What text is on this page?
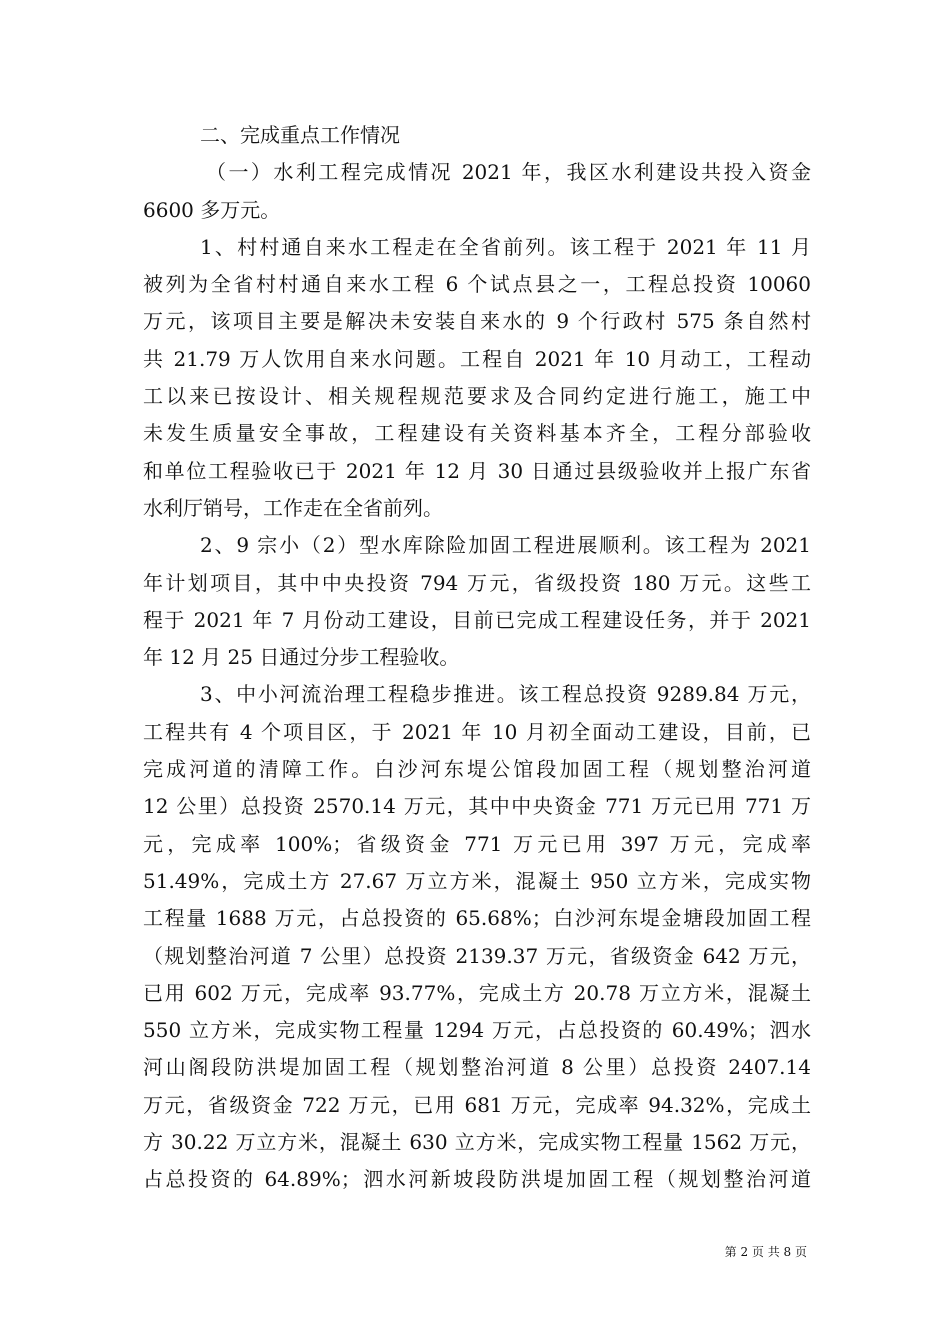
二、完成重点工作情况
（一）水利工程完成情况 2021 年，我区水利建设共投入资金
6600 多万元。
1、村村通自来水工程走在全省前列。该工程于 2021 年 11 月
被列为全省村村通自来水工程 6 个试点县之一，工程总投资 10060
万元，该项目主要是解决未安装自来水的 9 个行政村 575 条自然村
共 21.79 万人饮用自来水问题。工程自 2021 年 10 月动工，工程动
工以来已按设计、相关规程规范要求及合同约定进行施工，施工中
未发生质量安全事故，工程建设有关资料基本齐全，工程分部验收
和单位工程验收已于 2021 年 12 月 30 日通过县级验收并上报广东省
水利厅销号，工作走在全省前列。
2、9 宗小（2）型水库除险加固工程进展顺利。该工程为 2021
年计划项目，其中中央投资 794 万元，省级投资 180 万元。这些工
程于 2021 年 7 月份动工建设，目前已完成工程建设任务，并于 2021
年 12 月 25 日通过分步工程验收。
3、中小河流治理工程稳步推进。该工程总投资 9289.84 万元，
工程共有 4 个项目区，于 2021 年 10 月初全面动工建设，目前，已
完成河道的清障工作。白沙河东堤公馆段加固工程（规划整治河道
12 公里）总投资 2570.14 万元，其中中央资金 771 万元已用 771 万
元，完成率 100%；省级资金 771 万元已用 397 万元，完成率
51.49%，完成土方 27.67 万立方米，混凝土 950 立方米，完成实物
工程量 1688 万元，占总投资的 65.68%；白沙河东堤金塘段加固工程
（规划整治河道 7 公里）总投资 2139.37 万元，省级资金 642 万元，
已用 602 万元，完成率 93.77%，完成土方 20.78 万立方米，混凝土
550 立方米，完成实物工程量 1294 万元，占总投资的 60.49%；泗水
河山阁段防洪堤加固工程（规划整治河道 8 公里）总投资 2407.14
万元，省级资金 722 万元，已用 681 万元，完成率 94.32%，完成土
方 30.22 万立方米，混凝土 630 立方米，完成实物工程量 1562 万元，
占总投资的 64.89%；泗水河新坡段防洪堤加固工程（规划整治河道
第 2 页 共 8 页
